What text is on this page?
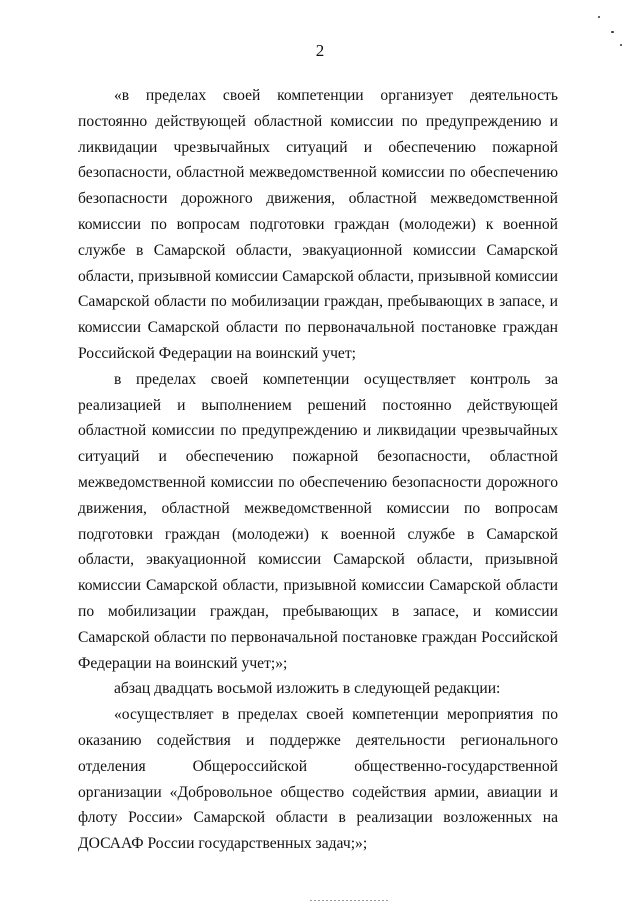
2

«в пределах своей компетенции организует деятельность постоянно действующей областной комиссии по предупреждению и ликвидации чрезвычайных ситуаций и обеспечению пожарной безопасности, областной межведомственной комиссии по обеспечению безопасности дорожного движения, областной межведомственной комиссии по вопросам подготовки граждан (молодежи) к военной службе в Самарской области, эвакуационной комиссии Самарской области, призывной комиссии Самарской области, призывной комиссии Самарской области по мобилизации граждан, пребывающих в запасе, и комиссии Самарской области по первоначальной постановке граждан Российской Федерации на воинский учет;

в пределах своей компетенции осуществляет контроль за реализацией и выполнением решений постоянно действующей областной комиссии по предупреждению и ликвидации чрезвычайных ситуаций и обеспечению пожарной безопасности, областной межведомственной комиссии по обеспечению безопасности дорожного движения, областной межведомственной комиссии по вопросам подготовки граждан (молодежи) к военной службе в Самарской области, эвакуационной комиссии Самарской области, призывной комиссии Самарской области, призывной комиссии Самарской области по мобилизации граждан, пребывающих в запасе, и комиссии Самарской области по первоначальной постановке граждан Российской Федерации на воинский учет;»;

абзац двадцать восьмой изложить в следующей редакции:

«осуществляет в пределах своей компетенции мероприятия по оказанию содействия и поддержке деятельности регионального отделения Общероссийской общественно-государственной организации «Добровольное общество содействия армии, авиации и флоту России» Самарской области в реализации возложенных на ДОСААФ России государственных задач;»;
